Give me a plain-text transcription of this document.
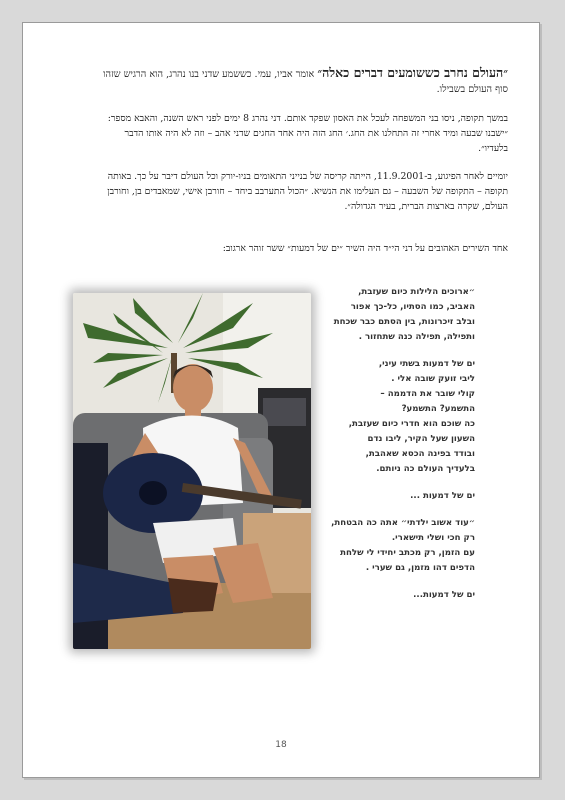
״העולם נחרב כששומעים דברים כאלה״ אומר אביו, עמי. כששמע שדני בנו נהרג, הוא הרגיש שזהו סוף העולם בשבילו.
במשך תקופה, ניסו בני המשפחה לעכל את האסון שפקד אותם. דני נהרג 8 ימים לפני ראש השנה, והאבא מספר: ״ישבנו שבעה ומיד אחרי זה התחלנו את החג.׳ החג הזה היה אחד החגים שדני אהב – וזה לא היה אותו הדבר בלעדיו״.
יומיים לאחר הפיגוע, ב-11.9.2001, הייתה קריסה של בנייני התאומים בניו-יורק וכל העולם דיבר על כך. באותה תקופה – התקופה של השבעה – גם העלימו את הנשיא. ״הכול התערבב ביחד – חורבן אישי, שמאבדים בן, וחורבן העולם, שקרה בארצות הברית, בעיר הגדולה״.
אחד השירים האהובים על דני הי״ד היה השיר ״ים של דמעות״ ששר זוהר ארגוב:
״ארוכים הלילות כיום שעזבת,
האביב, כמו הסתיו, כל-כך אפור
ובלב זיכרונות, בין הסתם כבר שכחת
ותפילה, תפילה כנה שתחזור .
ים של דמעות בשתי עיני,
ליבי זועק שובה אלי .
קולי שובר את הדממה –
התשמע? התשמע?
כה שוכם הוא חדרי כיום שעזבת,
השעון שעל הקיר, ליבו נדם
ובודד בפינה הכסא שאהבת,
בלעדיך העולם כה ניותם.
ים של דמעות ...
״עוד אשוב ילדתי״ אתה כה הבטחת,
רק חכי ושלי תישארי.
עם הזמן, רק מכתב יחידי לי שלחת
הדפים דהו מזמן, גם שערי .
ים של דמעות...
18
